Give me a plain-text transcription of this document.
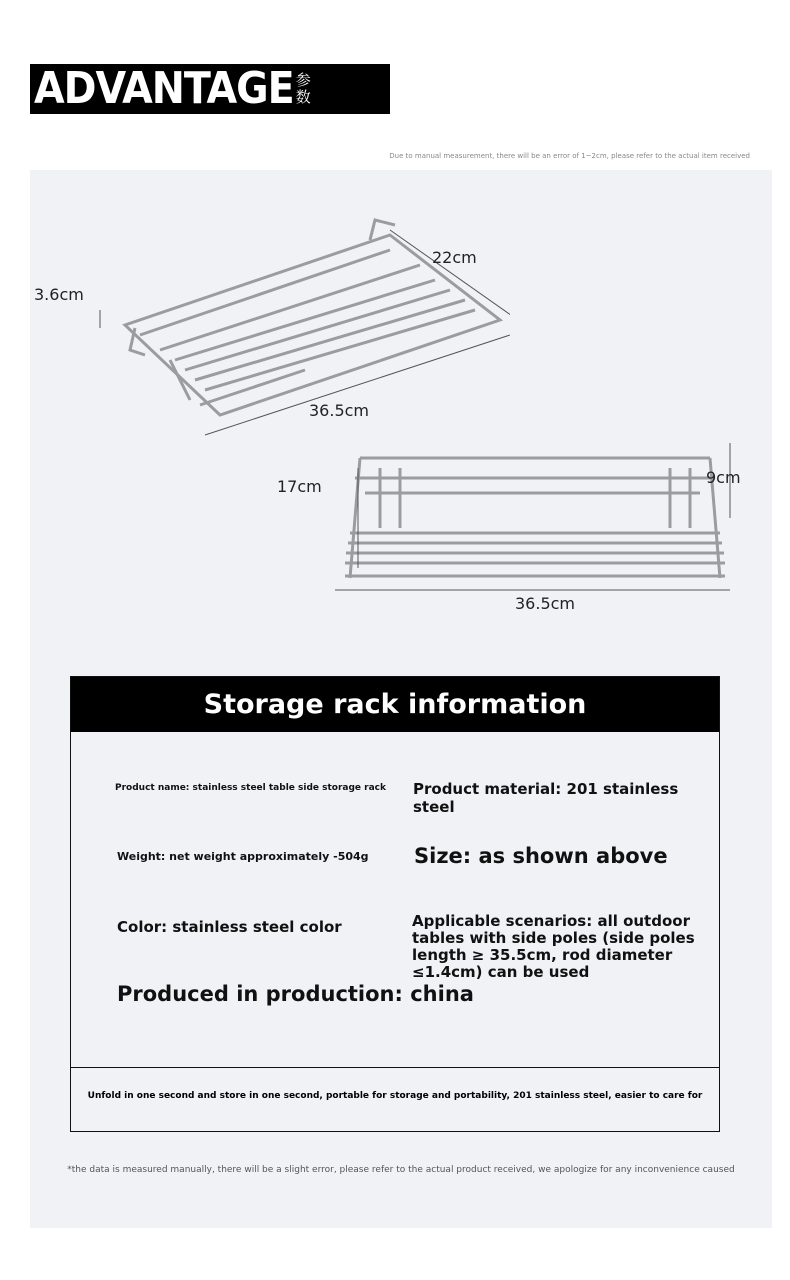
ADVANTAGE 参数
Due to manual measurement, there will be an error of 1~2cm, please refer to the actual item received
3.6cm
22cm
36.5cm
17cm	9cm
36.5cm
Storage rack information
Product name: stainless steel table side storage rack Product material: 201 stainless steel
Weight: net weight approximately -504g Size: as shown above
Color: stainless steel color	Applicable scenarios: all outdoor tables with side poles (side poles length ≥ 35.5cm, rod diameter ≤1.4cm) can be used
Produced in production: china
Unfold in one second and store in one second, portable for storage and portability, 201 stainless steel, easier to care for
*the data is measured manually, there will be a slight error, please refer to the actual product received, we apologize for any inconvenience caused
